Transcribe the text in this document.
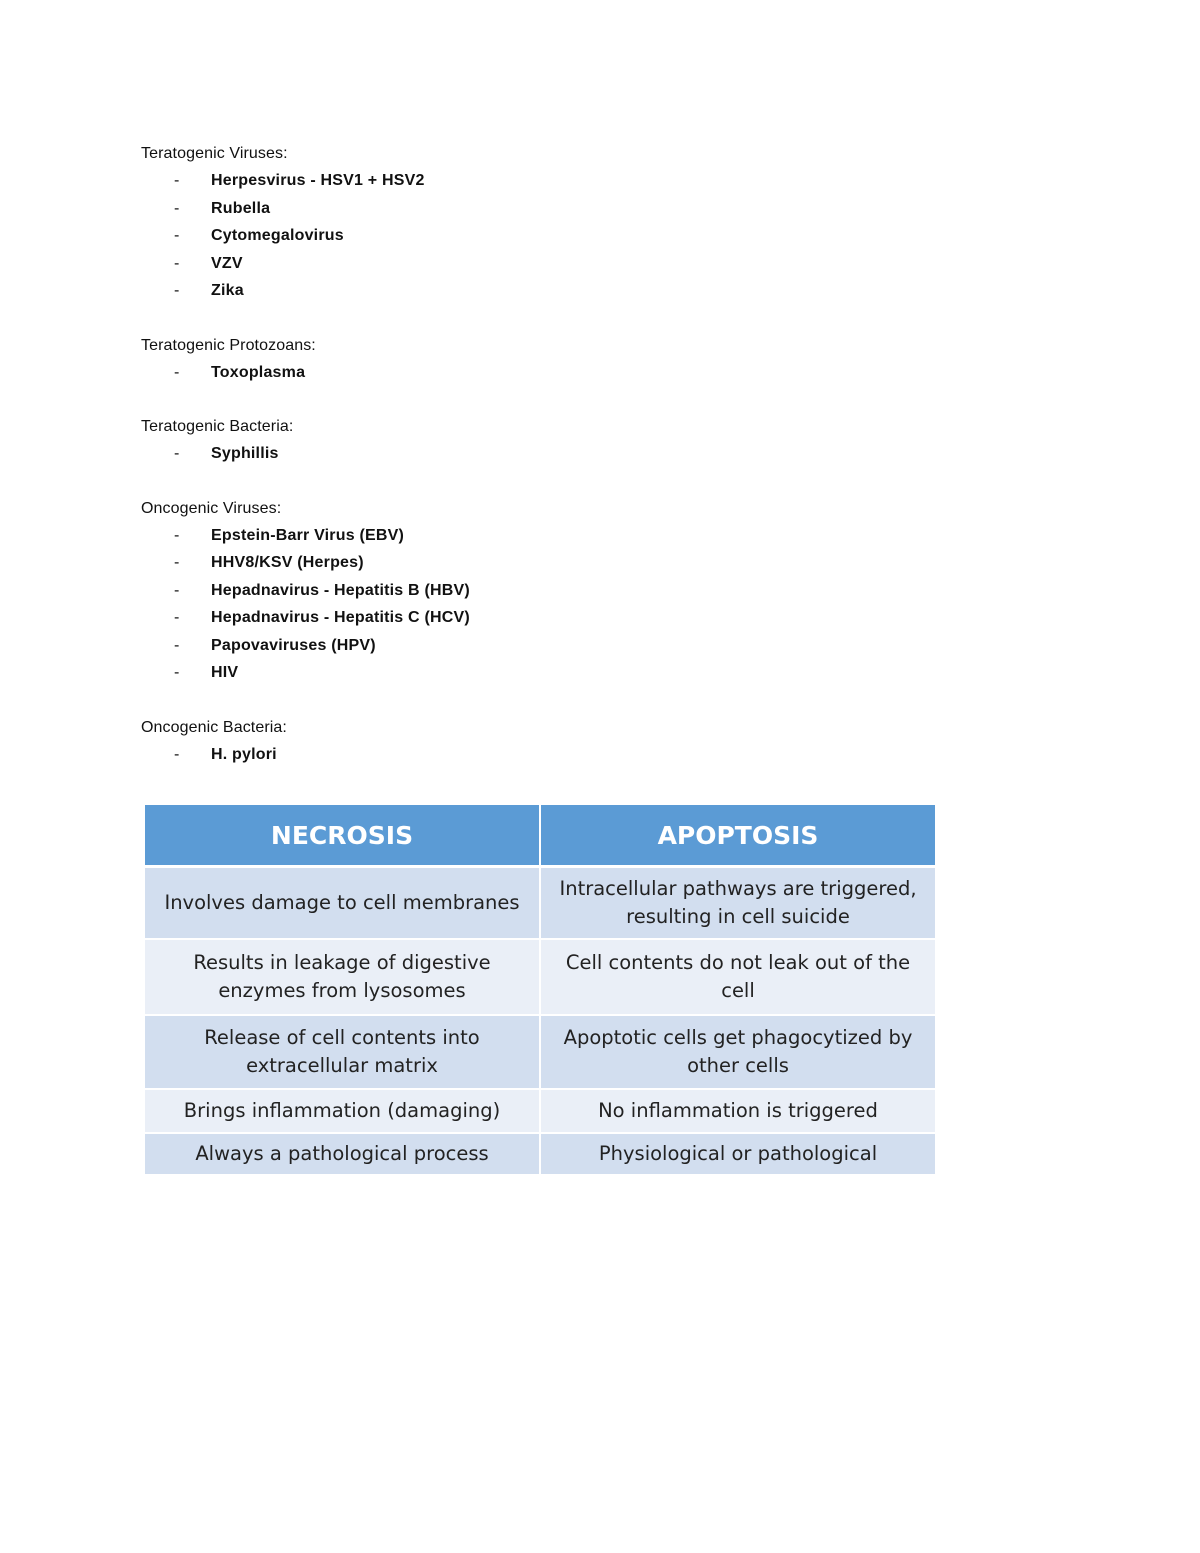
Teratogenic Viruses:

- Herpesvirus - HSV1 + HSV2
- Rubella
- Cytomegalovirus
- VZV
- Zika

Teratogenic Protozoans:

- Toxoplasma

Teratogenic Bacteria:

- Syphillis

Oncogenic Viruses:

- Epstein-Barr Virus (EBV)
- HHV8/KSV (Herpes)
- Hepadnavirus - Hepatitis B (HBV)
- Hepadnavirus - Hepatitis C (HCV)
- Papovaviruses (HPV)
- HIV

Oncogenic Bacteria:

- H. pylori
NECROSIS	APOPTOSIS
Involves damage to cell membranes	Intracellular pathways are triggered, resulting in cell suicide
Results in leakage of digestive enzymes from lysosomes	Cell contents do not leak out of the cell
Release of cell contents into extracellular matrix	Apoptotic cells get phagocytized by other cells
Brings inflammation (damaging)	No inflammation is triggered
Always a pathological process	Physiological or pathological
